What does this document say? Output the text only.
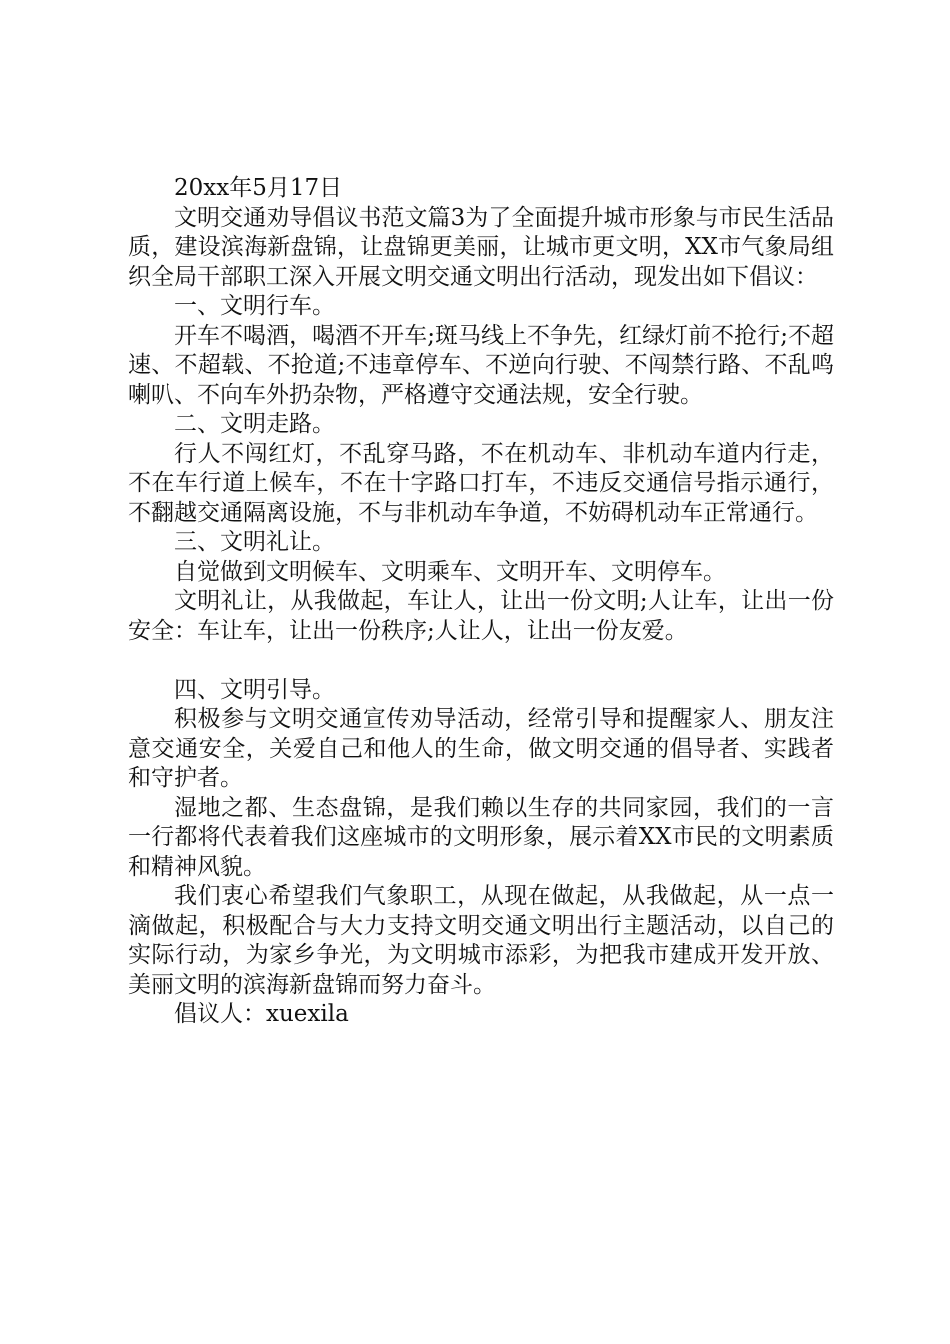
20xx年5月17日

文明交通劝导倡议书范文篇3为了全面提升城市形象与市民生活品质，建设滨海新盘锦，让盘锦更美丽，让城市更文明，XX市气象局组织全局干部职工深入开展文明交通文明出行活动，现发出如下倡议：

一、文明行车。

开车不喝酒，喝酒不开车;斑马线上不争先，红绿灯前不抢行;不超速、不超载、不抢道;不违章停车、不逆向行驶、不闯禁行路、不乱鸣喇叭、不向车外扔杂物，严格遵守交通法规，安全行驶。

二、文明走路。

行人不闯红灯，不乱穿马路，不在机动车、非机动车道内行走，不在车行道上候车，不在十字路口打车，不违反交通信号指示通行，不翻越交通隔离设施，不与非机动车争道，不妨碍机动车正常通行。

三、文明礼让。

自觉做到文明候车、文明乘车、文明开车、文明停车。

文明礼让，从我做起，车让人，让出一份文明;人让车，让出一份安全：车让车，让出一份秩序;人让人，让出一份友爱。

四、文明引导。

积极参与文明交通宣传劝导活动，经常引导和提醒家人、朋友注意交通安全，关爱自己和他人的生命，做文明交通的倡导者、实践者和守护者。

湿地之都、生态盘锦，是我们赖以生存的共同家园，我们的一言一行都将代表着我们这座城市的文明形象，展示着XX市民的文明素质和精神风貌。

我们衷心希望我们气象职工，从现在做起，从我做起，从一点一滴做起，积极配合与大力支持文明交通文明出行主题活动，以自己的实际行动，为家乡争光，为文明城市添彩，为把我市建成开发开放、美丽文明的滨海新盘锦而努力奋斗。

倡议人：xuexila
